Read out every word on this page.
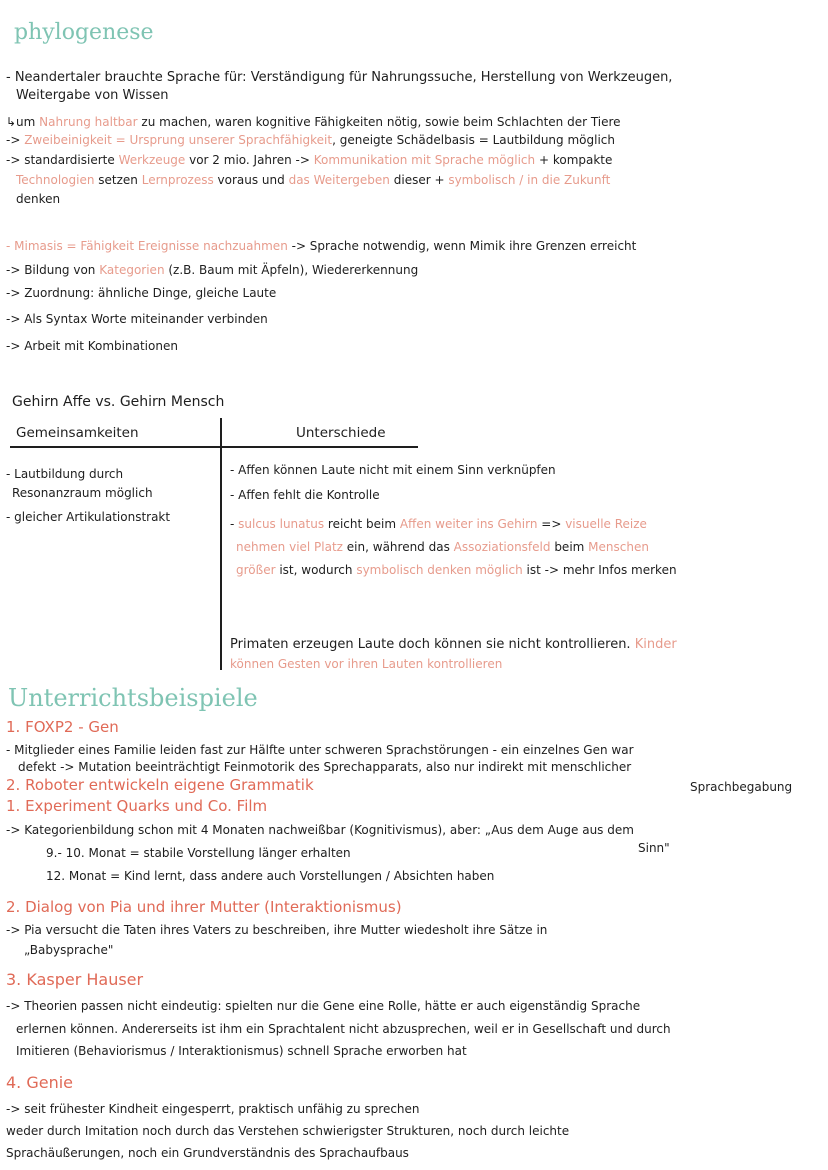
phylogenese
- Neandertaler brauchte Sprache für: Verständigung für Nahrungssuche, Herstellung von Werkzeugen,
Weitergabe von Wissen
↳um Nahrung haltbar zu machen, waren kognitive Fähigkeiten nötig, sowie beim Schlachten der Tiere
-> Zweibeinigkeit = Ursprung unserer Sprachfähigkeit, geneigte Schädelbasis = Lautbildung möglich
-> standardisierte Werkzeuge vor 2 mio. Jahren -> Kommunikation mit Sprache möglich + kompakte
Technologien setzen Lernprozess voraus und das Weitergeben dieser + symbolisch / in die Zukunft
denken
- Mimasis = Fähigkeit Ereignisse nachzuahmen -> Sprache notwendig, wenn Mimik ihre Grenzen erreicht
-> Bildung von Kategorien (z.B. Baum mit Äpfeln), Wiedererkennung
-> Zuordnung: ähnliche Dinge, gleiche Laute
-> Als Syntax Worte miteinander verbinden
-> Arbeit mit Kombinationen
Gehirn Affe vs. Gehirn Mensch
Gemeinsamkeiten	Unterschiede
- Lautbildung durch
Resonanzraum möglich
- gleicher Artikulationstrakt
- Affen können Laute nicht mit einem Sinn verknüpfen
- Affen fehlt die Kontrolle
- sulcus lunatus reicht beim Affen weiter ins Gehirn => visuelle Reize
nehmen viel Platz ein, während das Assoziationsfeld beim Menschen
größer ist, wodurch symbolisch denken möglich ist -> mehr Infos merken
Primaten erzeugen Laute doch können sie nicht kontrollieren. Kinder
können Gesten vor ihren Lauten kontrollieren
Unterrichtsbeispiele
1. FOXP2 - Gen
- Mitglieder eines Familie leiden fast zur Hälfte unter schweren Sprachstörungen - ein einzelnes Gen war
defekt -> Mutation beeinträchtigt Feinmotorik des Sprechapparats, also nur indirekt mit menschlicher
Sprachbegabung
2. Roboter entwickeln eigene Grammatik
1. Experiment Quarks und Co. Film
-> Kategorienbildung schon mit 4 Monaten nachweißbar (Kognitivismus), aber: „Aus dem Auge aus dem
Sinn"
9.- 10. Monat = stabile Vorstellung länger erhalten
12. Monat = Kind lernt, dass andere auch Vorstellungen / Absichten haben
2. Dialog von Pia und ihrer Mutter (Interaktionismus)
-> Pia versucht die Taten ihres Vaters zu beschreiben, ihre Mutter wiedesholt ihre Sätze in
„Babysprache"
3. Kasper Hauser
-> Theorien passen nicht eindeutig: spielten nur die Gene eine Rolle, hätte er auch eigenständig Sprache
erlernen können. Andererseits ist ihm ein Sprachtalent nicht abzusprechen, weil er in Gesellschaft und durch
Imitieren (Behaviorismus / Interaktionismus) schnell Sprache erworben hat
4. Genie
-> seit frühester Kindheit eingesperrt, praktisch unfähig zu sprechen
weder durch Imitation noch durch das Verstehen schwierigster Strukturen, noch durch leichte
Sprachäußerungen, noch ein Grundverständnis des Sprachaufbaus
